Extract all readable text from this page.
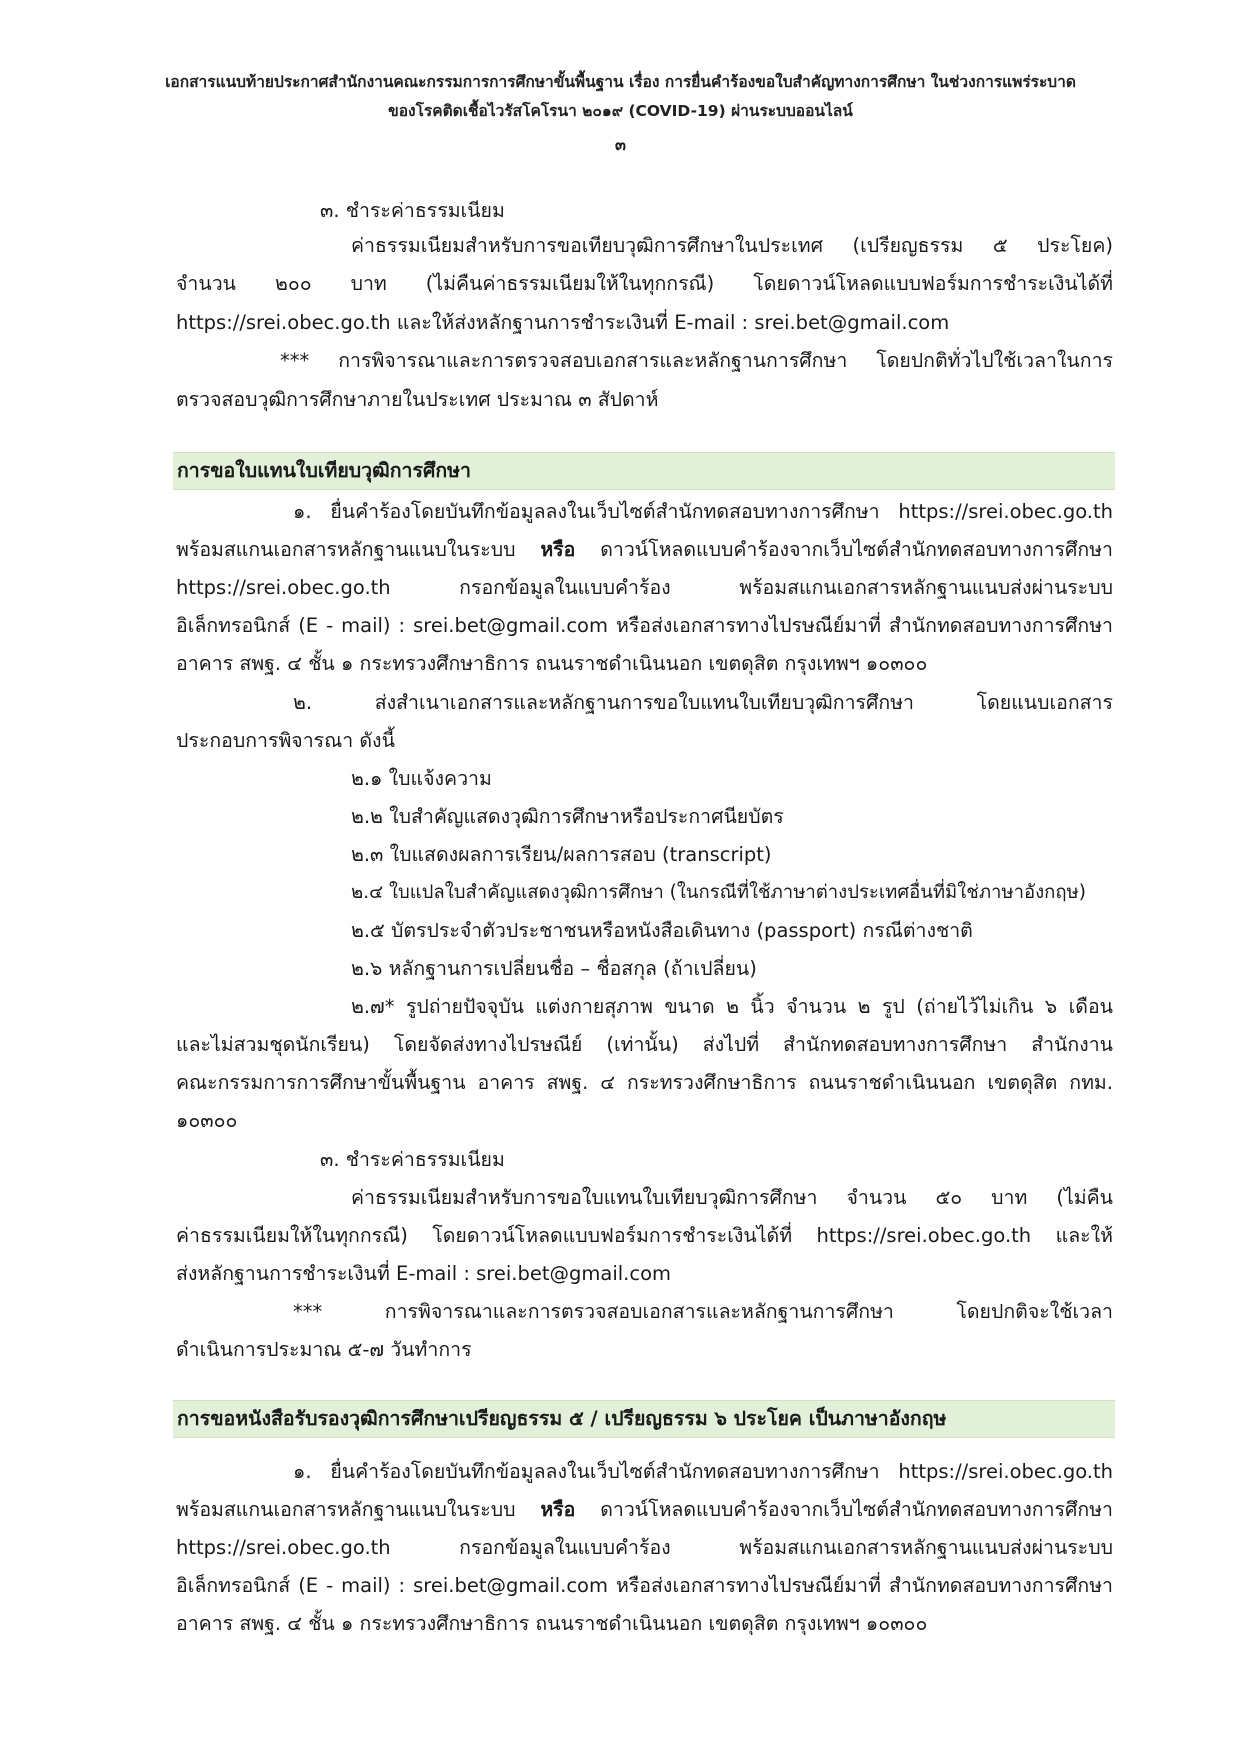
เอกสารแนบท้ายประกาศสำนักงานคณะกรรมการการศึกษาขั้นพื้นฐาน เรื่อง การยื่นคำร้องขอใบสำคัญทางการศึกษา ในช่วงการแพร่ระบาด
ของโรคติดเชื้อไวรัสโคโรนา ๒๐๑๙ (COVID-19) ผ่านระบบออนไลน์
๓
๓. ชำระค่าธรรมเนียม
ค่าธรรมเนียมสำหรับการขอเทียบวุฒิการศึกษาในประเทศ (เปรียญธรรม ๕ ประโยค)
จำนวน ๒๐๐ บาท (ไม่คืนค่าธรรมเนียมให้ในทุกกรณี) โดยดาวน์โหลดแบบฟอร์มการชำระเงินได้ที่
https://srei.obec.go.th และให้ส่งหลักฐานการชำระเงินที่ E-mail : srei.bet@gmail.com
*** การพิจารณาและการตรวจสอบเอกสารและหลักฐานการศึกษา โดยปกติทั่วไปใช้เวลาในการ
ตรวจสอบวุฒิการศึกษาภายในประเทศ ประมาณ ๓ สัปดาห์
การขอใบแทนใบเทียบวุฒิการศึกษา
๑. ยื่นคำร้องโดยบันทึกข้อมูลลงในเว็บไซต์สำนักทดสอบทางการศึกษา https://srei.obec.go.th
พร้อมสแกนเอกสารหลักฐานแนบในระบบ หรือ ดาวน์โหลดแบบคำร้องจากเว็บไซต์สำนักทดสอบทางการศึกษา
https://srei.obec.go.th กรอกข้อมูลในแบบคำร้อง พร้อมสแกนเอกสารหลักฐานแนบส่งผ่านระบบ
อิเล็กทรอนิกส์ (E - mail) : srei.bet@gmail.com หรือส่งเอกสารทางไปรษณีย์มาที่ สำนักทดสอบทางการศึกษา
อาคาร สพฐ. ๔ ชั้น ๑ กระทรวงศึกษาธิการ ถนนราชดำเนินนอก เขตดุสิต กรุงเทพฯ ๑๐๓๐๐
๒. ส่งสำเนาเอกสารและหลักฐานการขอใบแทนใบเทียบวุฒิการศึกษา โดยแนบเอกสาร
ประกอบการพิจารณา ดังนี้
๒.๑ ใบแจ้งความ
๒.๒ ใบสำคัญแสดงวุฒิการศึกษาหรือประกาศนียบัตร
๒.๓ ใบแสดงผลการเรียน/ผลการสอบ (transcript)
๒.๔ ใบแปลใบสำคัญแสดงวุฒิการศึกษา (ในกรณีที่ใช้ภาษาต่างประเทศอื่นที่มิใช่ภาษาอังกฤษ)
๒.๕ บัตรประจำตัวประชาชนหรือหนังสือเดินทาง (passport) กรณีต่างชาติ
๒.๖ หลักฐานการเปลี่ยนชื่อ – ชื่อสกุล (ถ้าเปลี่ยน)
๒.๗* รูปถ่ายปัจจุบัน แต่งกายสุภาพ ขนาด ๒ นิ้ว จำนวน ๒ รูป (ถ่ายไว้ไม่เกิน ๖ เดือน
และไม่สวมชุดนักเรียน) โดยจัดส่งทางไปรษณีย์ (เท่านั้น) ส่งไปที่ สำนักทดสอบทางการศึกษา สำนักงาน
คณะกรรมการการศึกษาขั้นพื้นฐาน อาคาร สพฐ. ๔ กระทรวงศึกษาธิการ ถนนราชดำเนินนอก เขตดุสิต กทม.
๑๐๓๐๐
๓. ชำระค่าธรรมเนียม
ค่าธรรมเนียมสำหรับการขอใบแทนใบเทียบวุฒิการศึกษา จำนวน ๕๐ บาท (ไม่คืน
ค่าธรรมเนียมให้ในทุกกรณี) โดยดาวน์โหลดแบบฟอร์มการชำระเงินได้ที่ https://srei.obec.go.th และให้
ส่งหลักฐานการชำระเงินที่ E-mail : srei.bet@gmail.com
*** การพิจารณาและการตรวจสอบเอกสารและหลักฐานการศึกษา โดยปกติจะใช้เวลา
ดำเนินการประมาณ ๕-๗ วันทำการ
การขอหนังสือรับรองวุฒิการศึกษาเปรียญธรรม ๕ / เปรียญธรรม ๖ ประโยค เป็นภาษาอังกฤษ
๑. ยื่นคำร้องโดยบันทึกข้อมูลลงในเว็บไซต์สำนักทดสอบทางการศึกษา https://srei.obec.go.th
พร้อมสแกนเอกสารหลักฐานแนบในระบบ หรือ ดาวน์โหลดแบบคำร้องจากเว็บไซต์สำนักทดสอบทางการศึกษา
https://srei.obec.go.th กรอกข้อมูลในแบบคำร้อง พร้อมสแกนเอกสารหลักฐานแนบส่งผ่านระบบ
อิเล็กทรอนิกส์ (E - mail) : srei.bet@gmail.com หรือส่งเอกสารทางไปรษณีย์มาที่ สำนักทดสอบทางการศึกษา
อาคาร สพฐ. ๔ ชั้น ๑ กระทรวงศึกษาธิการ ถนนราชดำเนินนอก เขตดุสิต กรุงเทพฯ ๑๐๓๐๐
